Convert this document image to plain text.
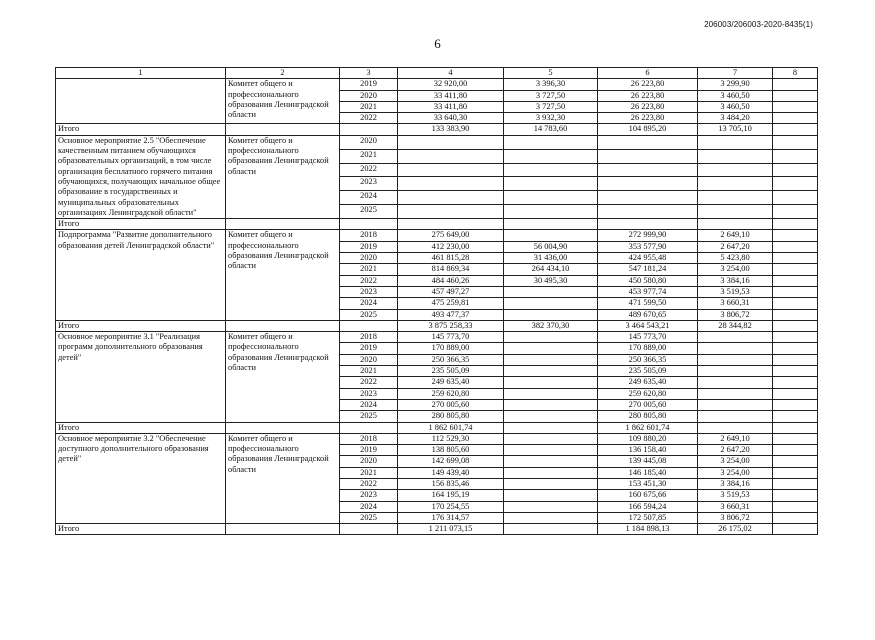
206003/206003-2020-8435(1)
6
1	2	3	4	5	6	7	8
	Комитет общего и профессионального образования Ленинградской области	2019	32 920,00	3 396,30	26 223,80	3 299,90	
		2020	33 411,80	3 727,50	26 223,80	3 460,50	
		2021	33 411,80	3 727,50	26 223,80	3 460,50	
		2022	33 640,30	3 932,30	26 223,80	3 484,20	
Итого			133 383,90	14 783,60	104 895,20	13 705,10	
Основное мероприятие 2.5 "Обеспечение качественным питанием обучающихся образовательных организаций, в том числе организация бесплатного горячего питания обучающихся, получающих начальное общее образование в государственных и муниципальных образовательных организациях Ленинградской области"	Комитет общего и профессионального образования Ленинградской области	2020					
		2021					
		2022					
		2023					
		2024					
		2025					
Итого							
Подпрограмма "Развитие дополнительного образования детей Ленинградской области"	Комитет общего и профессионального образования Ленинградской области	2018	275 649,00		272 999,90	2 649,10	
		2019	412 230,00	56 004,90	353 577,90	2 647,20	
		2020	461 815,28	31 436,00	424 955,48	5 423,80	
		2021	814 869,34	264 434,10	547 181,24	3 254,00	
		2022	484 460,26	30 495,30	450 580,80	3 384,16	
		2023	457 497,27		453 977,74	3 519,53	
		2024	475 259,81		471 599,50	3 660,31	
		2025	493 477,37		489 670,65	3 806,72	
Итого			3 875 258,33	382 370,30	3 464 543,21	28 344,82	
Основное мероприятие 3.1 "Реализация программ дополнительного образования детей"	Комитет общего и профессионального образования Ленинградской области	2018	145 773,70		145 773,70		
		2019	170 889,00		170 889,00		
		2020	250 366,35		250 366,35		
		2021	235 505,09		235 505,09		
		2022	249 635,40		249 635,40		
		2023	259 620,80		259 620,80		
		2024	270 005,60		270 005,60		
		2025	280 805,80		280 805,80		
Итого			1 862 601,74		1 862 601,74		
Основное мероприятие 3.2 "Обеспечение доступного дополнительного образования детей"	Комитет общего и профессионального образования Ленинградской области	2018	112 529,30		109 880,20	2 649,10	
		2019	138 805,60		136 158,40	2 647,20	
		2020	142 699,08		139 445,08	3 254,00	
		2021	149 439,40		146 185,40	3 254,00	
		2022	156 835,46		153 451,30	3 384,16	
		2023	164 195,19		160 675,66	3 519,53	
		2024	170 254,55		166 594,24	3 660,31	
		2025	176 314,57		172 507,85	3 806,72	
Итого			1 211 073,15		1 184 898,13	26 175,02	
